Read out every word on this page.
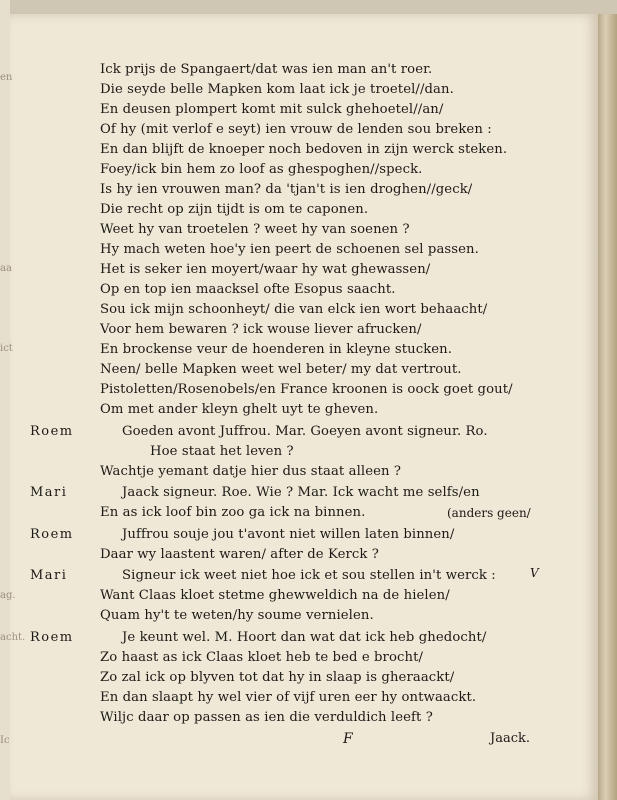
en
aa
ict
ag.
acht.
Ic
Ick prijs de Spangaert/dat was ien man an't roer.
Die seyde belle Mapken kom laat ick je troetel//dan.
En deusen plompert komt mit sulck ghehoetel//an/
Of hy (mit verlof e seyt) ien vrouw de lenden sou breken :
En dan blijft de knoeper noch bedoven in zijn werck steken.
Foey/ick bin hem zo loof as ghespoghen//speck.
Is hy ien vrouwen man? da 'tjan't is ien droghen//geck/
Die recht op zijn tijdt is om te caponen.
Weet hy van troetelen ? weet hy van soenen ?
Hy mach weten hoe'y ien peert de schoenen sel passen.
Het is seker ien moyert/waar hy wat ghewassen/
Op en top ien maacksel ofte Esopus saacht.
Sou ick mijn schoonheyt/ die van elck ien wort behaacht/
Voor hem bewaren ? ick wouse liever afrucken/
En brockense veur de hoenderen in kleyne stucken.
Neen/ belle Mapken weet wel beter/ my dat vertrout.
Pistoletten/Rosenobels/en France kroonen is oock goet gout/
Om met ander kleyn ghelt uyt te gheven.
Roem	Goeden avont Juffrou. Mar. Goeyen avont signeur. Ro.
Hoe staat het leven ?
Wachtje yemant datje hier dus staat alleen ?
Mari	Jaack signeur. Roe. Wie ? Mar. Ick wacht me selfs/en
En as ick loof bin zoo ga ick na binnen.	(anders geen/
Roem	Juffrou souje jou t'avont niet willen laten binnen/
Daar wy laastent waren/ after de Kerck ?
Mari	Signeur ick weet niet hoe ick et sou stellen in't werck :	V
Want Claas kloet stetme ghewweldich na de hielen/
Quam hy't te weten/hy soume vernielen.
Roem	Je keunt wel. M. Hoort dan wat dat ick heb ghedocht/
Zo haast as ick Claas kloet heb te bed e brocht/
Zo zal ick op blyven tot dat hy in slaap is gheraackt/
En dan slaapt hy wel vier of vijf uren eer hy ontwaackt.
Wiljc daar op passen as ien die verduldich leeft ?
F	Jaack.
